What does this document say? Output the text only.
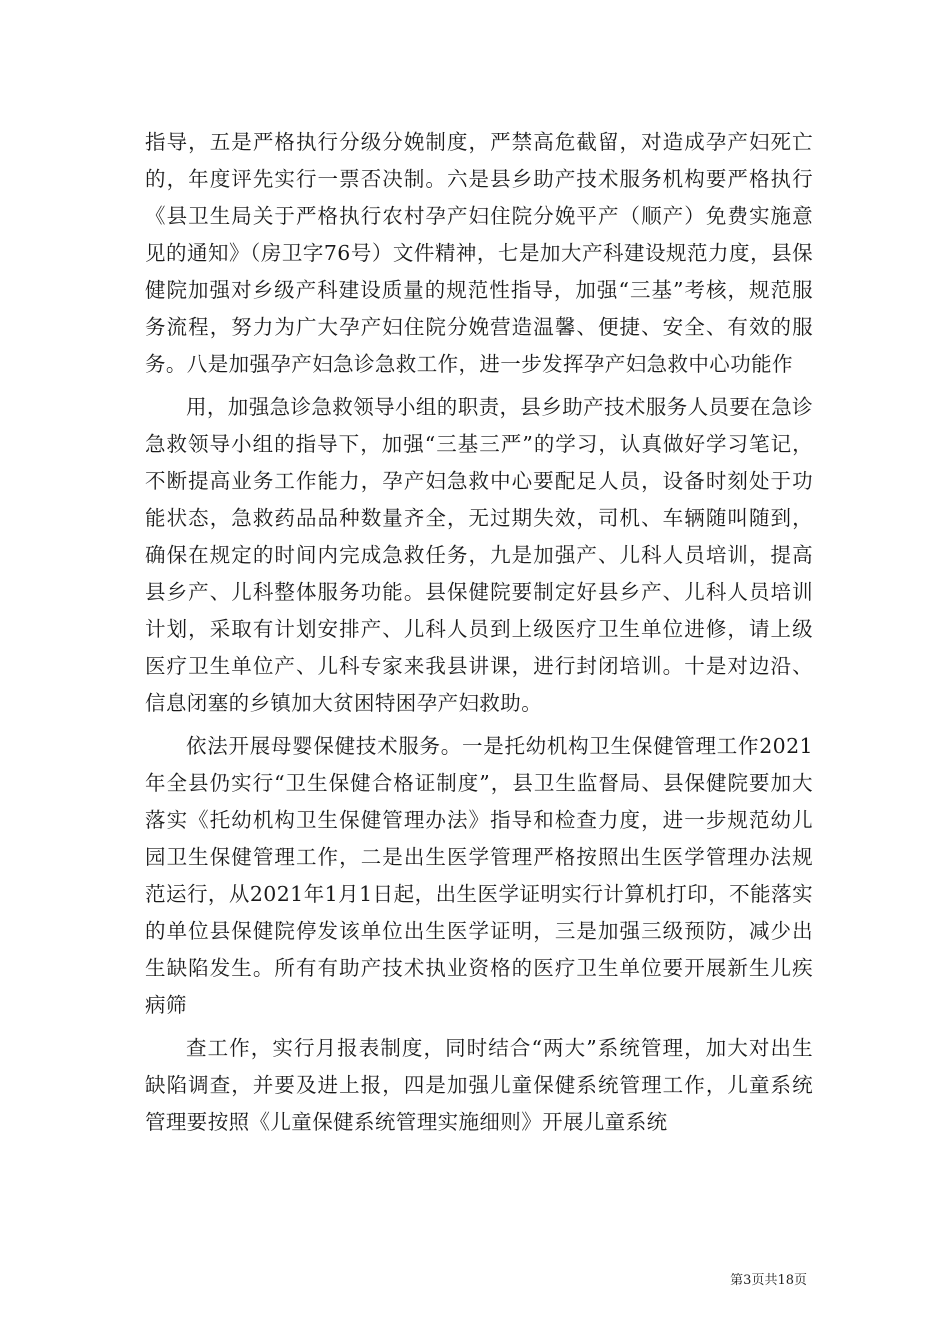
指导，五是严格执行分级分娩制度，严禁高危截留，对造成孕产妇死亡的，年度评先实行一票否决制。六是县乡助产技术服务机构要严格执行《县卫生局关于严格执行农村孕产妇住院分娩平产（顺产）免费实施意见的通知》（房卫字76号）文件精神，七是加大产科建设规范力度，县保健院加强对乡级产科建设质量的规范性指导，加强“三基”考核，规范服务流程，努力为广大孕产妇住院分娩营造温馨、便捷、安全、有效的服务。八是加强孕产妇急诊急救工作，进一步发挥孕产妇急救中心功能作

用，加强急诊急救领导小组的职责，县乡助产技术服务人员要在急诊急救领导小组的指导下，加强“三基三严”的学习，认真做好学习笔记，不断提高业务工作能力，孕产妇急救中心要配足人员，设备时刻处于功能状态，急救药品品种数量齐全，无过期失效，司机、车辆随叫随到，确保在规定的时间内完成急救任务，九是加强产、儿科人员培训，提高县乡产、儿科整体服务功能。县保健院要制定好县乡产、儿科人员培训计划，采取有计划安排产、儿科人员到上级医疗卫生单位进修，请上级医疗卫生单位产、儿科专家来我县讲课，进行封闭培训。十是对边沿、信息闭塞的乡镇加大贫困特困孕产妇救助。

依法开展母婴保健技术服务。一是托幼机构卫生保健管理工作2021年全县仍实行“卫生保健合格证制度”，县卫生监督局、县保健院要加大落实《托幼机构卫生保健管理办法》指导和检查力度，进一步规范幼儿园卫生保健管理工作，二是出生医学管理严格按照出生医学管理办法规范运行，从2021年1月1日起，出生医学证明实行计算机打印，不能落实的单位县保健院停发该单位出生医学证明，三是加强三级预防，减少出生缺陷发生。所有有助产技术执业资格的医疗卫生单位要开展新生儿疾病筛

查工作，实行月报表制度，同时结合“两大”系统管理，加大对出生缺陷调查，并要及进上报，四是加强儿童保健系统管理工作，儿童系统管理要按照《儿童保健系统管理实施细则》开展儿童系统

第3页共18页
